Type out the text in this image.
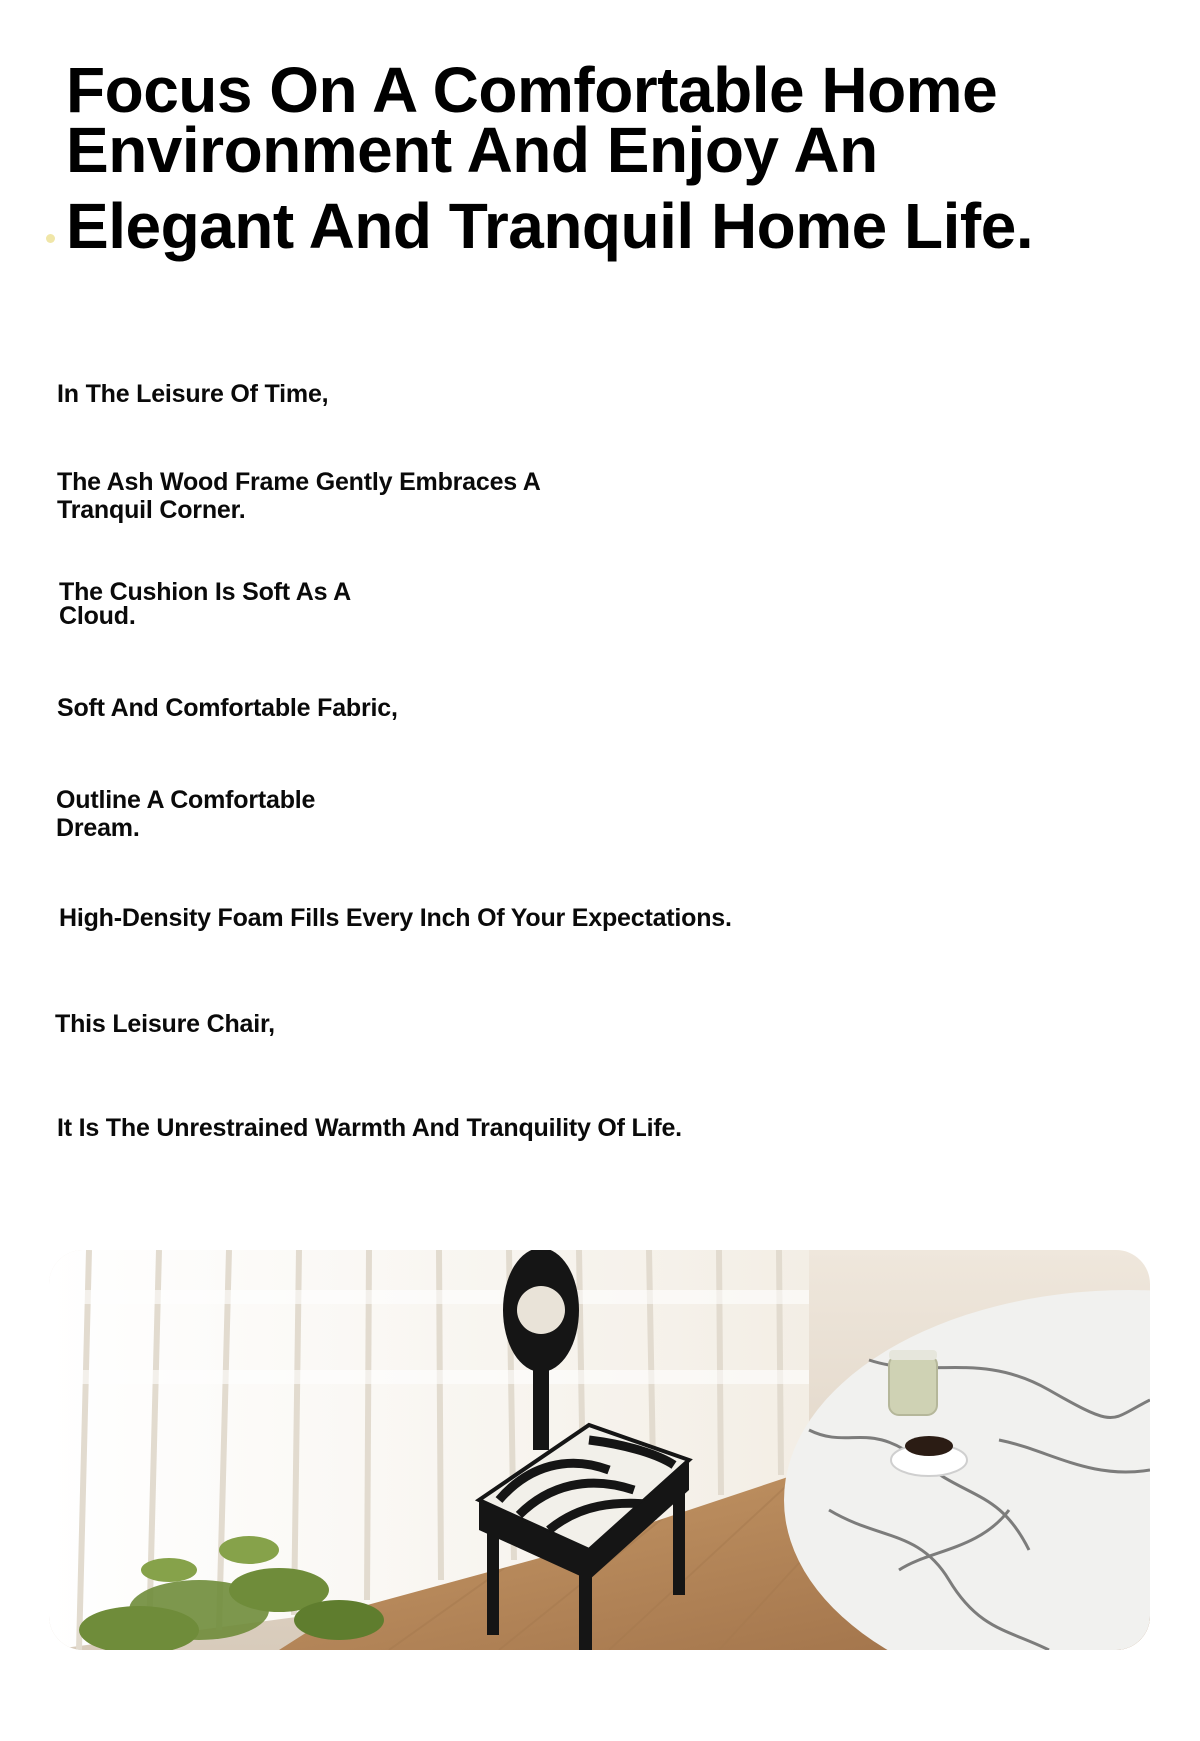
Focus On A Comfortable Home
Environment And Enjoy An
Elegant And Tranquil Home Life.

In The Leisure Of Time,

The Ash Wood Frame Gently Embraces A
Tranquil Corner.

The Cushion Is Soft As A
Cloud.

Soft And Comfortable Fabric,

Outline A Comfortable
Dream.

High-Density Foam Fills Every Inch Of Your Expectations.

This Leisure Chair,

It Is The Unrestrained Warmth And Tranquility Of Life.
